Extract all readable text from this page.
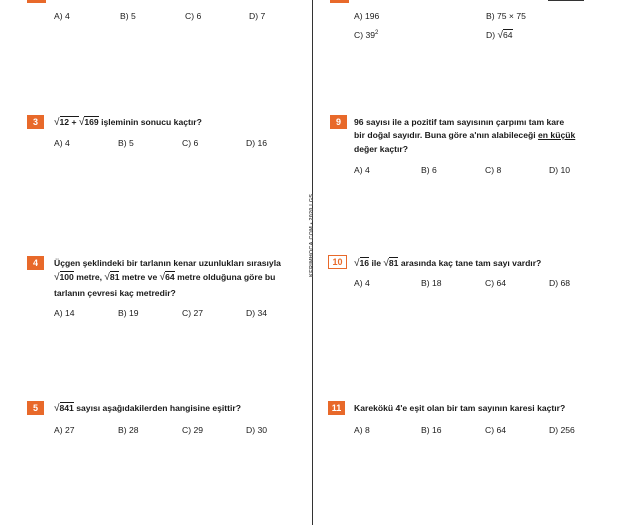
KERIMHOCA.COM • 2020 LGS
A) 4	B) 5	C) 6	D) 7	A) 196	B) 75 × 75
C) $39^2$	D) √64
3	√12 + √169 işleminin sonucu kaçtır?
A) 4	B) 5	C) 6	D) 16
9	96 sayısı ile a pozitif tam sayısının çarpımı tam kare
bir doğal sayıdır. Buna göre a'nın alabileceği en küçük
değer kaçtır?
A) 4	B) 6	C) 8	D) 10
4	Üçgen şeklindeki bir tarlanın kenar uzunlukları sırasıyla
√100 metre, √81 metre ve √64 metre olduğuna göre bu
tarlanın çevresi kaç metredir?
A) 14	B) 19	C) 27	D) 34
10	√16 ile √81 arasında kaç tane tam sayı vardır?
A) 4	B) 18	C) 64	D) 68
5	√841 sayısı aşağıdakilerden hangisine eşittir?
A) 27	B) 28	C) 29	D) 30
11	Karekökü 4'e eşit olan bir tam sayının karesi kaçtır?
A) 8	B) 16	C) 64	D) 256
